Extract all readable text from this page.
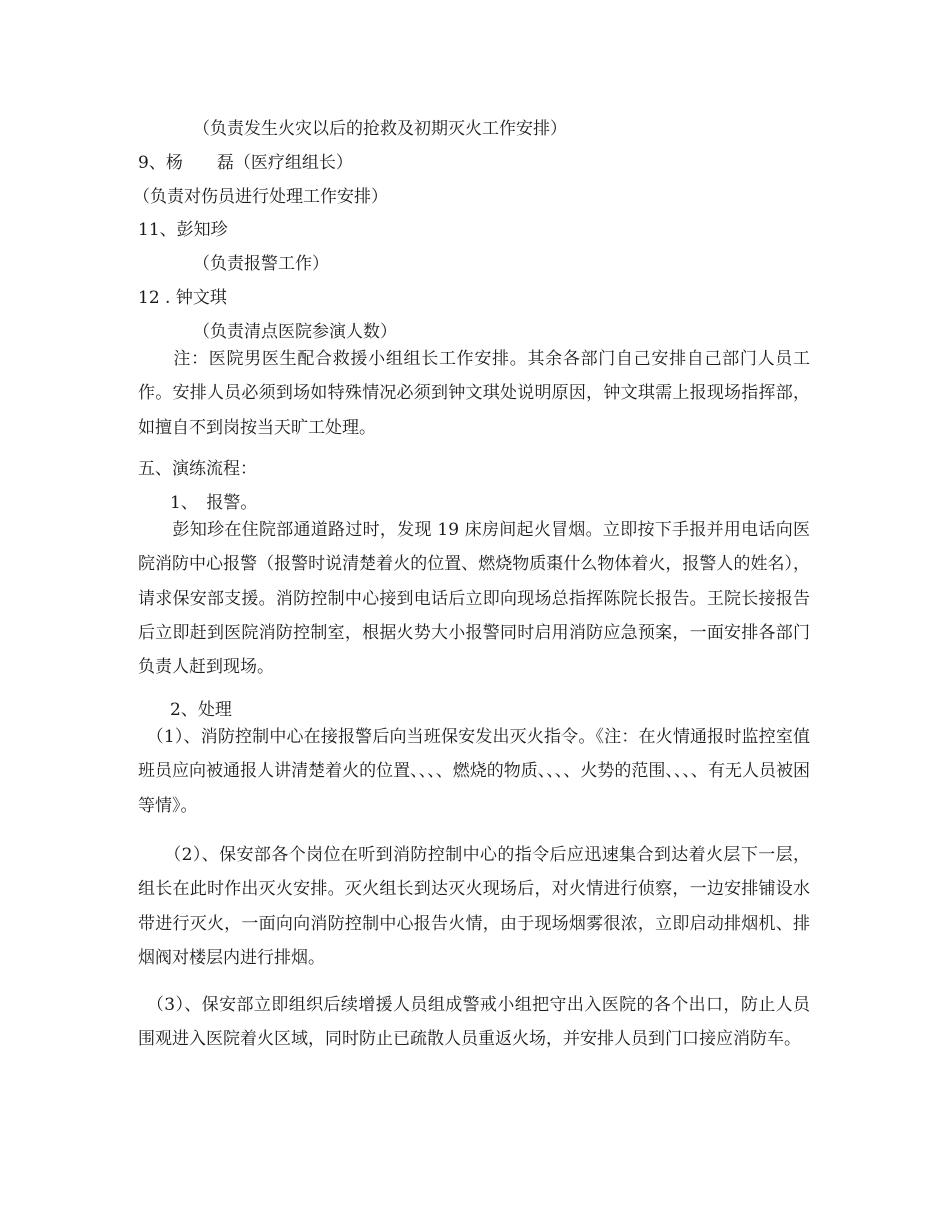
（负责发生火灾以后的抢救及初期灭火工作安排）
9、杨　　磊（医疗组组长）
（负责对伤员进行处理工作安排）
11、彭知珍
（负责报警工作）
12 . 钟文琪
（负责清点医院参演人数）
　　注：医院男医生配合救援小组组长工作安排。其余各部门自己安排自己部门人员工作。安排人员必须到场如特殊情况必须到钟文琪处说明原因，钟文琪需上报现场指挥部，如擅自不到岗按当天旷工处理。
五、演练流程：
1、　报警。
　　彭知珍在住院部通道路过时，发现 19 床房间起火冒烟。立即按下手报并用电话向医院消防中心报警（报警时说清楚着火的位置、燃烧物质棗什么物体着火，报警人的姓名），请求保安部支援。消防控制中心接到电话后立即向现场总指挥陈院长报告。王院长接报告后立即赶到医院消防控制室，根据火势大小报警同时启用消防应急预案，一面安排各部门负责人赶到现场。
2、处理
　（1）、消防控制中心在接报警后向当班保安发出灭火指令。《注：在火情通报时监控室值班员应向被通报人讲清楚着火的位置、、、、燃烧的物质、、、、火势的范围、、、、有无人员被困等情》。
　　（2）、保安部各个岗位在听到消防控制中心的指令后应迅速集合到达着火层下一层，组长在此时作出灭火安排。灭火组长到达灭火现场后，对火情进行侦察，一边安排铺设水带进行灭火，一面向向消防控制中心报告火情，由于现场烟雾很浓，立即启动排烟机、排烟阀对楼层内进行排烟。
　（3）、保安部立即组织后续增援人员组成警戒小组把守出入医院的各个出口，防止人员围观进入医院着火区域，同时防止已疏散人员重返火场，并安排人员到门口接应消防车。
